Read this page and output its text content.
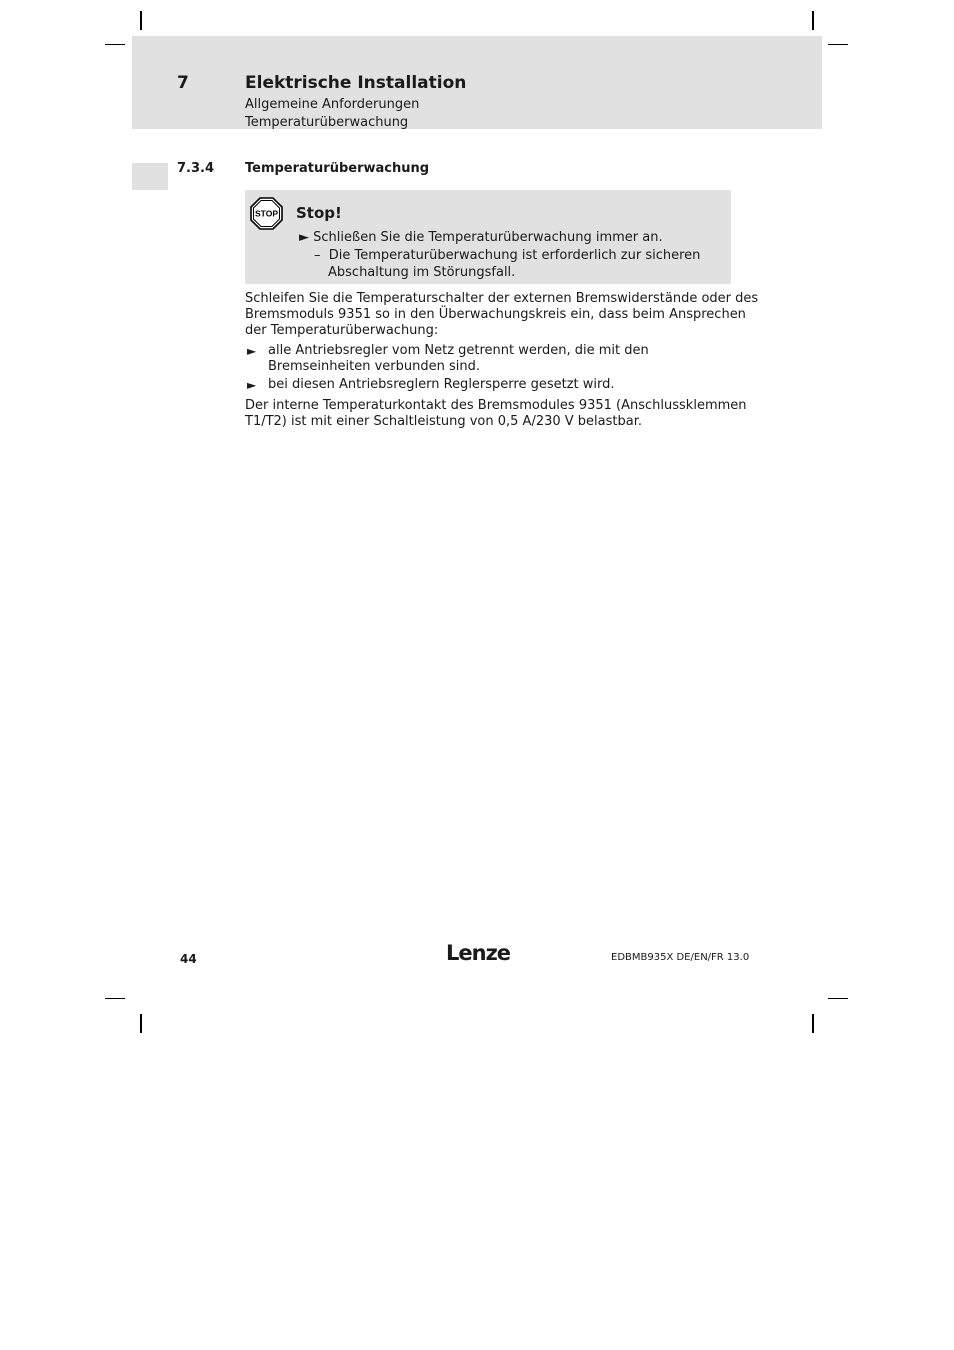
7	Elektrische Installation
Allgemeine Anforderungen
Temperaturüberwachung
7.3.4 Temperaturüberwachung
STOP Stop!
► Schließen Sie die Temperaturüberwachung immer an.
– Die Temperaturüberwachung ist erforderlich zur sicheren
Abschaltung im Störungsfall.
Schleifen Sie die Temperaturschalter der externen Bremswiderstände oder des
Bremsmoduls 9351 so in den Überwachungskreis ein, dass beim Ansprechen
der Temperaturüberwachung:
► alle Antriebsregler vom Netz getrennt werden, die mit den
Bremseinheiten verbunden sind.
► bei diesen Antriebsreglern Reglersperre gesetzt wird.
Der interne Temperaturkontakt des Bremsmodules 9351 (Anschlussklemmen
T1/T2) ist mit einer Schaltleistung von 0,5 A/230 V belastbar.
44	Lenze	EDBMB935X DE/EN/FR 13.0
